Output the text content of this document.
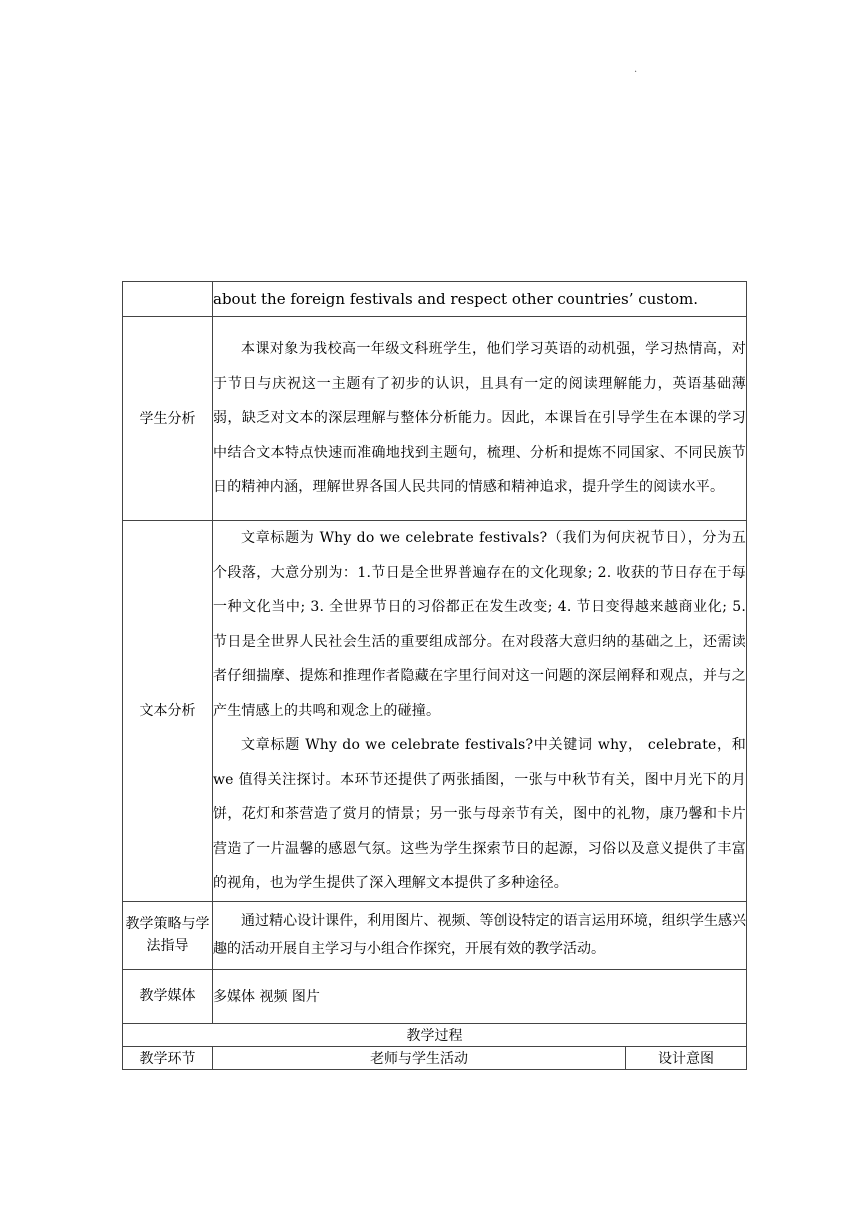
.
	about the foreign festivals and respect other countries’ custom.	
学生分析	本课对象为我校高一年级文科班学生，他们学习英语的动机强，学习热情高，对于节日与庆祝这一主题有了初步的认识，且具有一定的阅读理解能力，英语基础薄弱，缺乏对文本的深层理解与整体分析能力。因此，本课旨在引导学生在本课的学习中结合文本特点快速而准确地找到主题句，梳理、分析和提炼不同国家、不同民族节日的精神内涵，理解世界各国人民共同的情感和精神追求，提升学生的阅读水平。	

文本分析	文章标题为 Why do we celebrate festivals?（我们为何庆祝节日），分为五个段落，大意分别为：1.节日是全世界普遍存在的文化现象; 2. 收获的节日存在于每一种文化当中; 3. 全世界节日的习俗都正在发生改变; 4. 节日变得越来越商业化; 5. 节日是全世界人民社会生活的重要组成部分。在对段落大意归纳的基础之上，还需读者仔细揣摩、提炼和推理作者隐藏在字里行间对这一问题的深层阐释和观点，并与之产生情感上的共鸣和观念上的碰撞。

文章标题 Why do we celebrate festivals?中关键词 why， celebrate，和 we 值得关注探讨。本环节还提供了两张插图，一张与中秋节有关，图中月光下的月饼，花灯和茶营造了赏月的情景；另一张与母亲节有关，图中的礼物，康乃馨和卡片营造了一片温馨的感恩气氛。这些为学生探索节日的起源，习俗以及意义提供了丰富的视角，也为学生提供了深入理解文本提供了多种途径。	

教学策略与学法指导	通过精心设计课件，利用图片、视频、等创设特定的语言运用环境，组织学生感兴趣的活动开展自主学习与小组合作探究，开展有效的教学活动。	
教学媒体	多媒体 视频 图片	
教学过程		
教学环节	老师与学生活动	设计意图
